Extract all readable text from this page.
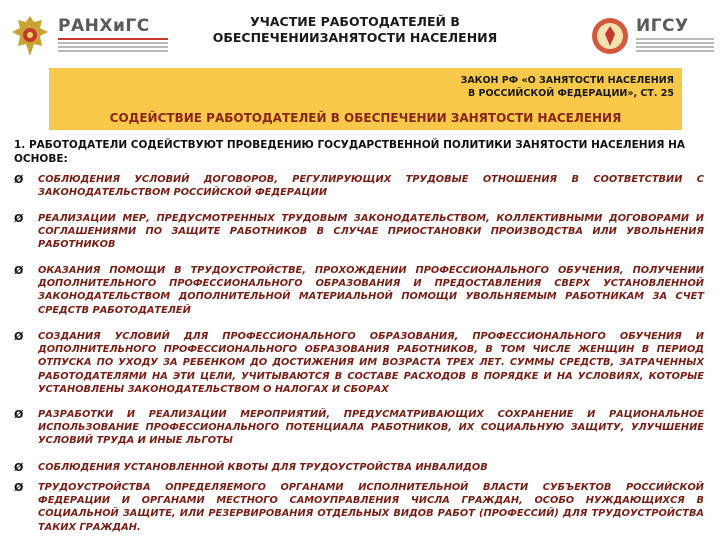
РАНХиГС	УЧАСТИЕ РАБОТОДАТЕЛЕЙ В
ОБЕСПЕЧЕНИИЗАНЯТОСТИ НАСЕЛЕНИЯ
ИГСУ
ЗАКОН РФ «О ЗАНЯТОСТИ НАСЕЛЕНИЯ
В РОССИЙСКОЙ ФЕДЕРАЦИИ», СТ. 25
СОДЕЙСТВИЕ РАБОТОДАТЕЛЕЙ В ОБЕСПЕЧЕНИИ ЗАНЯТОСТИ НАСЕЛЕНИЯ
1. РАБОТОДАТЕЛИ СОДЕЙСТВУЮТ ПРОВЕДЕНИЮ ГОСУДАРСТВЕННОЙ ПОЛИТИКИ ЗАНЯТОСТИ НАСЕЛЕНИЯ НА ОСНОВЕ:
Ø СОБЛЮДЕНИЯ УСЛОВИЙ ДОГОВОРОВ, РЕГУЛИРУЮЩИХ ТРУДОВЫЕ ОТНОШЕНИЯ В СООТВЕТСТВИИ С ЗАКОНОДАТЕЛЬСТВОМ РОССИЙСКОЙ ФЕДЕРАЦИИ
Ø РЕАЛИЗАЦИИ МЕР, ПРЕДУСМОТРЕННЫХ ТРУДОВЫМ ЗАКОНОДАТЕЛЬСТВОМ, КОЛЛЕКТИВНЫМИ ДОГОВОРАМИ И СОГЛАШЕНИЯМИ ПО ЗАЩИТЕ РАБОТНИКОВ В СЛУЧАЕ ПРИОСТАНОВКИ ПРОИЗВОДСТВА ИЛИ УВОЛЬНЕНИЯ РАБОТНИКОВ
Ø ОКАЗАНИЯ ПОМОЩИ В ТРУДОУСТРОЙСТВЕ, ПРОХОЖДЕНИИ ПРОФЕССИОНАЛЬНОГО ОБУЧЕНИЯ, ПОЛУЧЕНИИ ДОПОЛНИТЕЛЬНОГО ПРОФЕССИОНАЛЬНОГО ОБРАЗОВАНИЯ И ПРЕДОСТАВЛЕНИЯ СВЕРХ УСТАНОВЛЕННОЙ ЗАКОНОДАТЕЛЬСТВОМ ДОПОЛНИТЕЛЬНОЙ МАТЕРИАЛЬНОЙ ПОМОЩИ УВОЛЬНЯЕМЫМ РАБОТНИКАМ ЗА СЧЕТ СРЕДСТВ РАБОТОДАТЕЛЕЙ
Ø СОЗДАНИЯ УСЛОВИЙ ДЛЯ ПРОФЕССИОНАЛЬНОГО ОБРАЗОВАНИЯ, ПРОФЕССИОНАЛЬНОГО ОБУЧЕНИЯ И ДОПОЛНИТЕЛЬНОГО ПРОФЕССИОНАЛЬНОГО ОБРАЗОВАНИЯ РАБОТНИКОВ, В ТОМ ЧИСЛЕ ЖЕНЩИН В ПЕРИОД ОТПУСКА ПО УХОДУ ЗА РЕБЕНКОМ ДО ДОСТИЖЕНИЯ ИМ ВОЗРАСТА ТРЕХ ЛЕТ. СУММЫ СРЕДСТВ, ЗАТРАЧЕННЫХ РАБОТОДАТЕЛЯМИ НА ЭТИ ЦЕЛИ, УЧИТЫВАЮТСЯ В СОСТАВЕ РАСХОДОВ В ПОРЯДКЕ И НА УСЛОВИЯХ, КОТОРЫЕ УСТАНОВЛЕНЫ ЗАКОНОДАТЕЛЬСТВОМ О НАЛОГАХ И СБОРАХ
Ø РАЗРАБОТКИ И РЕАЛИЗАЦИИ МЕРОПРИЯТИЙ, ПРЕДУСМАТРИВАЮЩИХ СОХРАНЕНИЕ И РАЦИОНАЛЬНОЕ ИСПОЛЬЗОВАНИЕ ПРОФЕССИОНАЛЬНОГО ПОТЕНЦИАЛА РАБОТНИКОВ, ИХ СОЦИАЛЬНУЮ ЗАЩИТУ, УЛУЧШЕНИЕ УСЛОВИЙ ТРУДА И ИНЫЕ ЛЬГОТЫ
Ø СОБЛЮДЕНИЯ УСТАНОВЛЕННОЙ КВОТЫ ДЛЯ ТРУДОУСТРОЙСТВА ИНВАЛИДОВ
Ø ТРУДОУСТРОЙСТВА ОПРЕДЕЛЯЕМОГО ОРГАНАМИ ИСПОЛНИТЕЛЬНОЙ ВЛАСТИ СУБЪЕКТОВ РОССИЙСКОЙ ФЕДЕРАЦИИ И ОРГАНАМИ МЕСТНОГО САМОУПРАВЛЕНИЯ ЧИСЛА ГРАЖДАН, ОСОБО НУЖДАЮЩИХСЯ В СОЦИАЛЬНОЙ ЗАЩИТЕ, ИЛИ РЕЗЕРВИРОВАНИЯ ОТДЕЛЬНЫХ ВИДОВ РАБОТ (ПРОФЕССИЙ) ДЛЯ ТРУДОУСТРОЙСТВА ТАКИХ ГРАЖДАН.
